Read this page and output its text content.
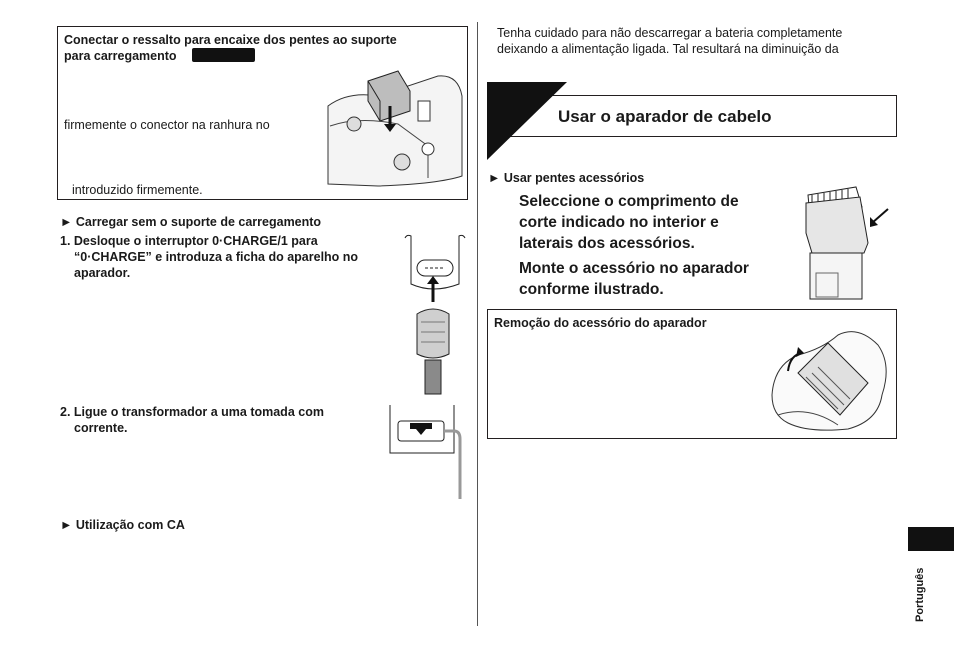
Conectar o ressalto para encaixe dos pentes ao suporte
para carregamento
firmemente o conector na ranhura no
introduzido firmemente.
► Carregar sem o suporte de carregamento
1. Desloque o interruptor 0·CHARGE/1 para
“0·CHARGE” e introduza a ficha do aparelho no
aparador.
2. Ligue o transformador a uma tomada com
corrente.
► Utilização com CA
Tenha cuidado para não descarregar a bateria completamente
deixando a alimentação ligada. Tal resultará na diminuição da
Usar o aparador de cabelo
► Usar pentes acessórios
Seleccione o comprimento de
corte indicado no interior e
laterais dos acessórios.
Monte o acessório no aparador
conforme ilustrado.
Remoção do acessório do aparador
Português
